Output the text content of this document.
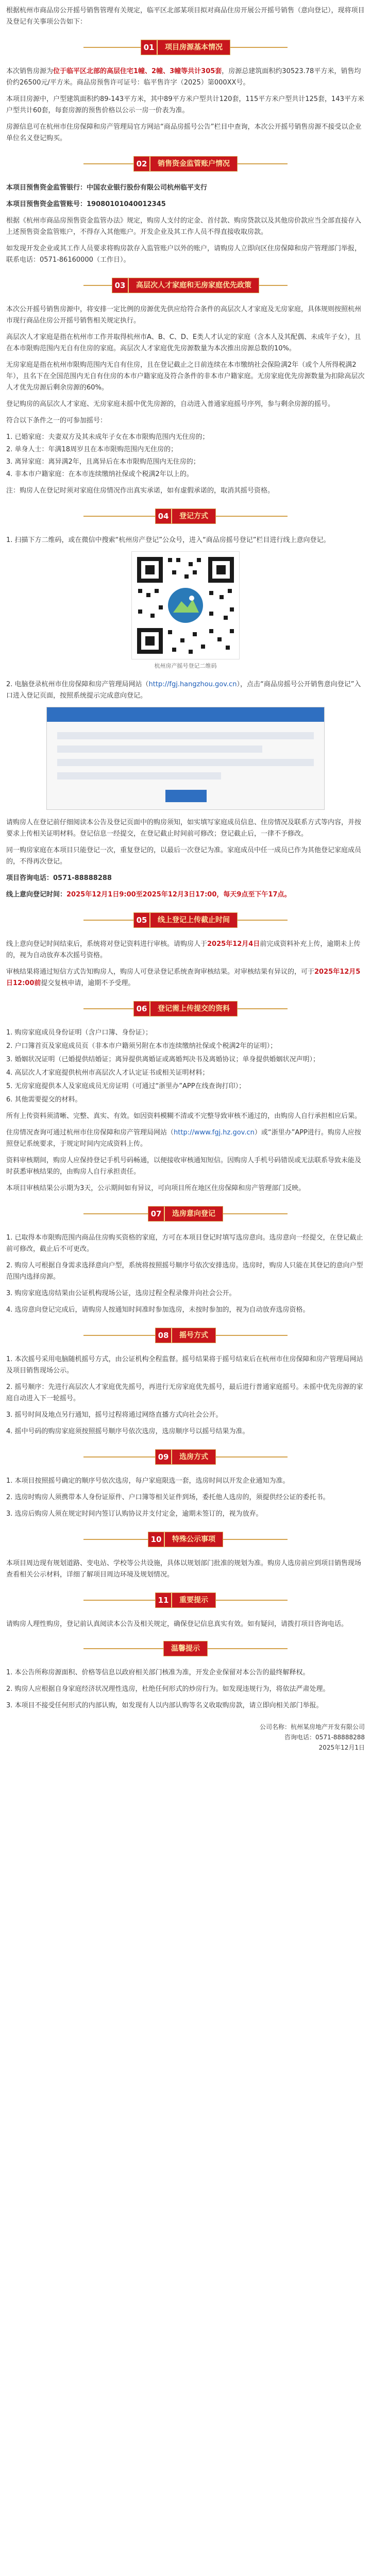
根据杭州市商品房公开摇号销售管理有关规定，临平区北部某项目拟对商品住房开展公开摇号销售（意向登记），现将项目及登记有关事项公告如下：

01	项目房源基本情况

本次销售房源为位于临平区北部的高层住宅1幢、2幢、3幢等共计305套，房源总建筑面积约30523.78平方米，销售均价约26500元/平方米。商品房预售许可证号：临平售许字（2025）第000XX号。

本项目房源中，户型建筑面积约89-143平方米，其中89平方米户型共计120套，115平方米户型共计125套，143平方米户型共计60套，每套房源的预售价格以公示一房一价表为准。

房源信息可在杭州市住房保障和房产管理局官方网站“商品房摇号公告”栏目中查询，本次公开摇号销售房源不接受以企业单位名义登记购买。

02	销售资金监管账户情况

本项目预售资金监管银行：中国农业银行股份有限公司杭州临平支行

本项目预售资金监管账号：19080101040012345

根据《杭州市商品房预售资金监管办法》规定，购房人支付的定金、首付款、购房贷款以及其他房价款应当全部直接存入上述预售资金监管账户，不得存入其他账户。开发企业及其工作人员不得直接收取房款。

如发现开发企业或其工作人员要求将购房款存入监管账户以外的账户，请购房人立即向区住房保障和房产管理部门举报，联系电话：0571-86160000（工作日）。

03	高层次人才家庭和无房家庭优先政策

本次公开摇号销售房源中，将安排一定比例的房源优先供应给符合条件的高层次人才家庭及无房家庭，具体规则按照杭州市现行商品住房公开摇号销售相关规定执行。

高层次人才家庭是指在杭州市工作并取得杭州市A、B、C、D、E类人才认定的家庭（含本人及其配偶、未成年子女），且在本市限购范围内无自有住房的家庭。高层次人才家庭优先房源数量为本次推出房源总数的10%。

无房家庭是指在杭州市限购范围内无自有住房，且在登记截止之日前连续在本市缴纳社会保险满2年（或个人所得税满2年），且名下在全国范围内无自有住房的本市户籍家庭及符合条件的非本市户籍家庭。无房家庭优先房源数量为扣除高层次人才优先房源后剩余房源的60%。

登记购房的高层次人才家庭、无房家庭未摇中优先房源的，自动进入普通家庭摇号序列，参与剩余房源的摇号。

符合以下条件之一的可参加摇号：

1. 已婚家庭：夫妻双方及其未成年子女在本市限购范围内无住房的；

2. 单身人士：年满18周岁且在本市限购范围内无住房的；

3. 离异家庭：离异满2年，且离异后在本市限购范围内无住房的；

4. 非本市户籍家庭：在本市连续缴纳社保或个税满2年以上的。

注：购房人在登记时须对家庭住房情况作出真实承诺，如有虚假承诺的，取消其摇号资格。

04	登记方式

1. 扫描下方二维码，或在微信中搜索“杭州房产登记”公众号，进入“商品房摇号登记”栏目进行线上意向登记。

杭州房产摇号登记二维码

2. 电脑登录杭州市住房保障和房产管理局网站（http://fgj.hangzhou.gov.cn），点击“商品房摇号公开销售意向登记”入口进入登记页面，按照系统提示完成意向登记。

请购房人在登记前仔细阅读本公告及登记页面中的购房须知，如实填写家庭成员信息、住房情况及联系方式等内容，并按要求上传相关证明材料。登记信息一经提交，在登记截止时间前可修改；登记截止后，一律不予修改。

同一购房家庭在本项目只能登记一次，重复登记的，以最后一次登记为准。家庭成员中任一成员已作为其他登记家庭成员的，不得再次登记。

项目咨询电话：0571-88888288

线上意向登记时间：2025年12月1日9:00至2025年12月3日17:00，每天9点至下午17点。

05	线上登记上传截止时间

线上意向登记时间结束后，系统将对登记资料进行审核。请购房人于2025年12月4日前完成资料补充上传，逾期未上传的，视为自动放弃本次摇号资格。

审核结果将通过短信方式告知购房人，购房人可登录登记系统查询审核结果。对审核结果有异议的，可于2025年12月5日12:00前提交复核申请，逾期不予受理。

06	登记需上传提交的资料

1. 购房家庭成员身份证明（含户口簿、身份证）；

2. 户口簿首页及家庭成员页（非本市户籍须另附在本市连续缴纳社保或个税满2年的证明）；

3. 婚姻状况证明（已婚提供结婚证；离异提供离婚证或离婚判决书及离婚协议；单身提供婚姻状况声明）；

4. 高层次人才家庭提供杭州市高层次人才认定证书或相关证明材料；

5. 无房家庭提供本人及家庭成员无房证明（可通过“浙里办”APP在线查询打印）；

6. 其他需要提交的材料。

所有上传资料须清晰、完整、真实、有效。如因资料模糊不清或不完整导致审核不通过的，由购房人自行承担相应后果。

住房情况查询可通过杭州市住房保障和房产管理局网站（http://www.fgj.hz.gov.cn）或“浙里办”APP进行。购房人应按照登记系统要求，于规定时间内完成资料上传。

资料审核期间，购房人应保持登记手机号码畅通，以便接收审核通知短信。因购房人手机号码错误或无法联系导致未能及时获悉审核结果的，由购房人自行承担责任。

本项目审核结果公示期为3天，公示期间如有异议，可向项目所在地区住房保障和房产管理部门反映。

07	选房意向登记

1. 已取得本市限购范围内商品住房购买资格的家庭，方可在本项目登记时填写选房意向。选房意向一经提交，在登记截止前可修改，截止后不可更改。

2. 购房人可根据自身需求选择意向户型，系统将按照摇号顺序号依次安排选房。选房时，购房人只能在其登记的意向户型范围内选择房源。

3. 购房家庭选房结果由公证机构现场公证，选房过程全程录像并向社会公开。

4. 选房意向登记完成后，请购房人按通知时间准时参加选房，未按时参加的，视为自动放弃选房资格。

08	摇号方式

1. 本次摇号采用电脑随机摇号方式，由公证机构全程监督。摇号结果将于摇号结束后在杭州市住房保障和房产管理局网站及项目销售现场公示。

2. 摇号顺序：先进行高层次人才家庭优先摇号，再进行无房家庭优先摇号，最后进行普通家庭摇号。未摇中优先房源的家庭自动进入下一轮摇号。

3. 摇号时间及地点另行通知，摇号过程将通过网络直播方式向社会公开。

4. 摇中号码的购房家庭须按照摇号顺序号依次选房，选房顺序号以摇号结果为准。

09	选房方式

1. 本项目按照摇号确定的顺序号依次选房，每户家庭限选一套，选房时间以开发企业通知为准。

2. 选房时购房人须携带本人身份证原件、户口簿等相关证件到场，委托他人选房的，须提供经公证的委托书。

3. 选房后购房人须在规定时间内签订认购协议并支付定金，逾期未签订的，视为放弃。

10	特殊公示事项

本项目周边现有规划道路、变电站、学校等公共设施，具体以规划部门批准的规划为准。购房人选房前应到项目销售现场查看相关公示材料，详细了解项目周边环境及规划情况。

11	重要提示

请购房人理性购房，登记前认真阅读本公告及相关规定，确保登记信息真实有效。如有疑问，请拨打项目咨询电话。

温馨提示

1. 本公告所称房源面积、价格等信息以政府相关部门核准为准，开发企业保留对本公告的最终解释权。

2. 购房人应根据自身家庭经济状况理性选房，杜绝任何形式的炒房行为。如发现违规行为，将依法严肃处理。

3. 本项目不接受任何形式的内部认购，如发现有人以内部认购等名义收取购房款，请立即向相关部门举报。

公司名称：杭州某房地产开发有限公司
咨询电话：0571-88888288
2025年12月1日
